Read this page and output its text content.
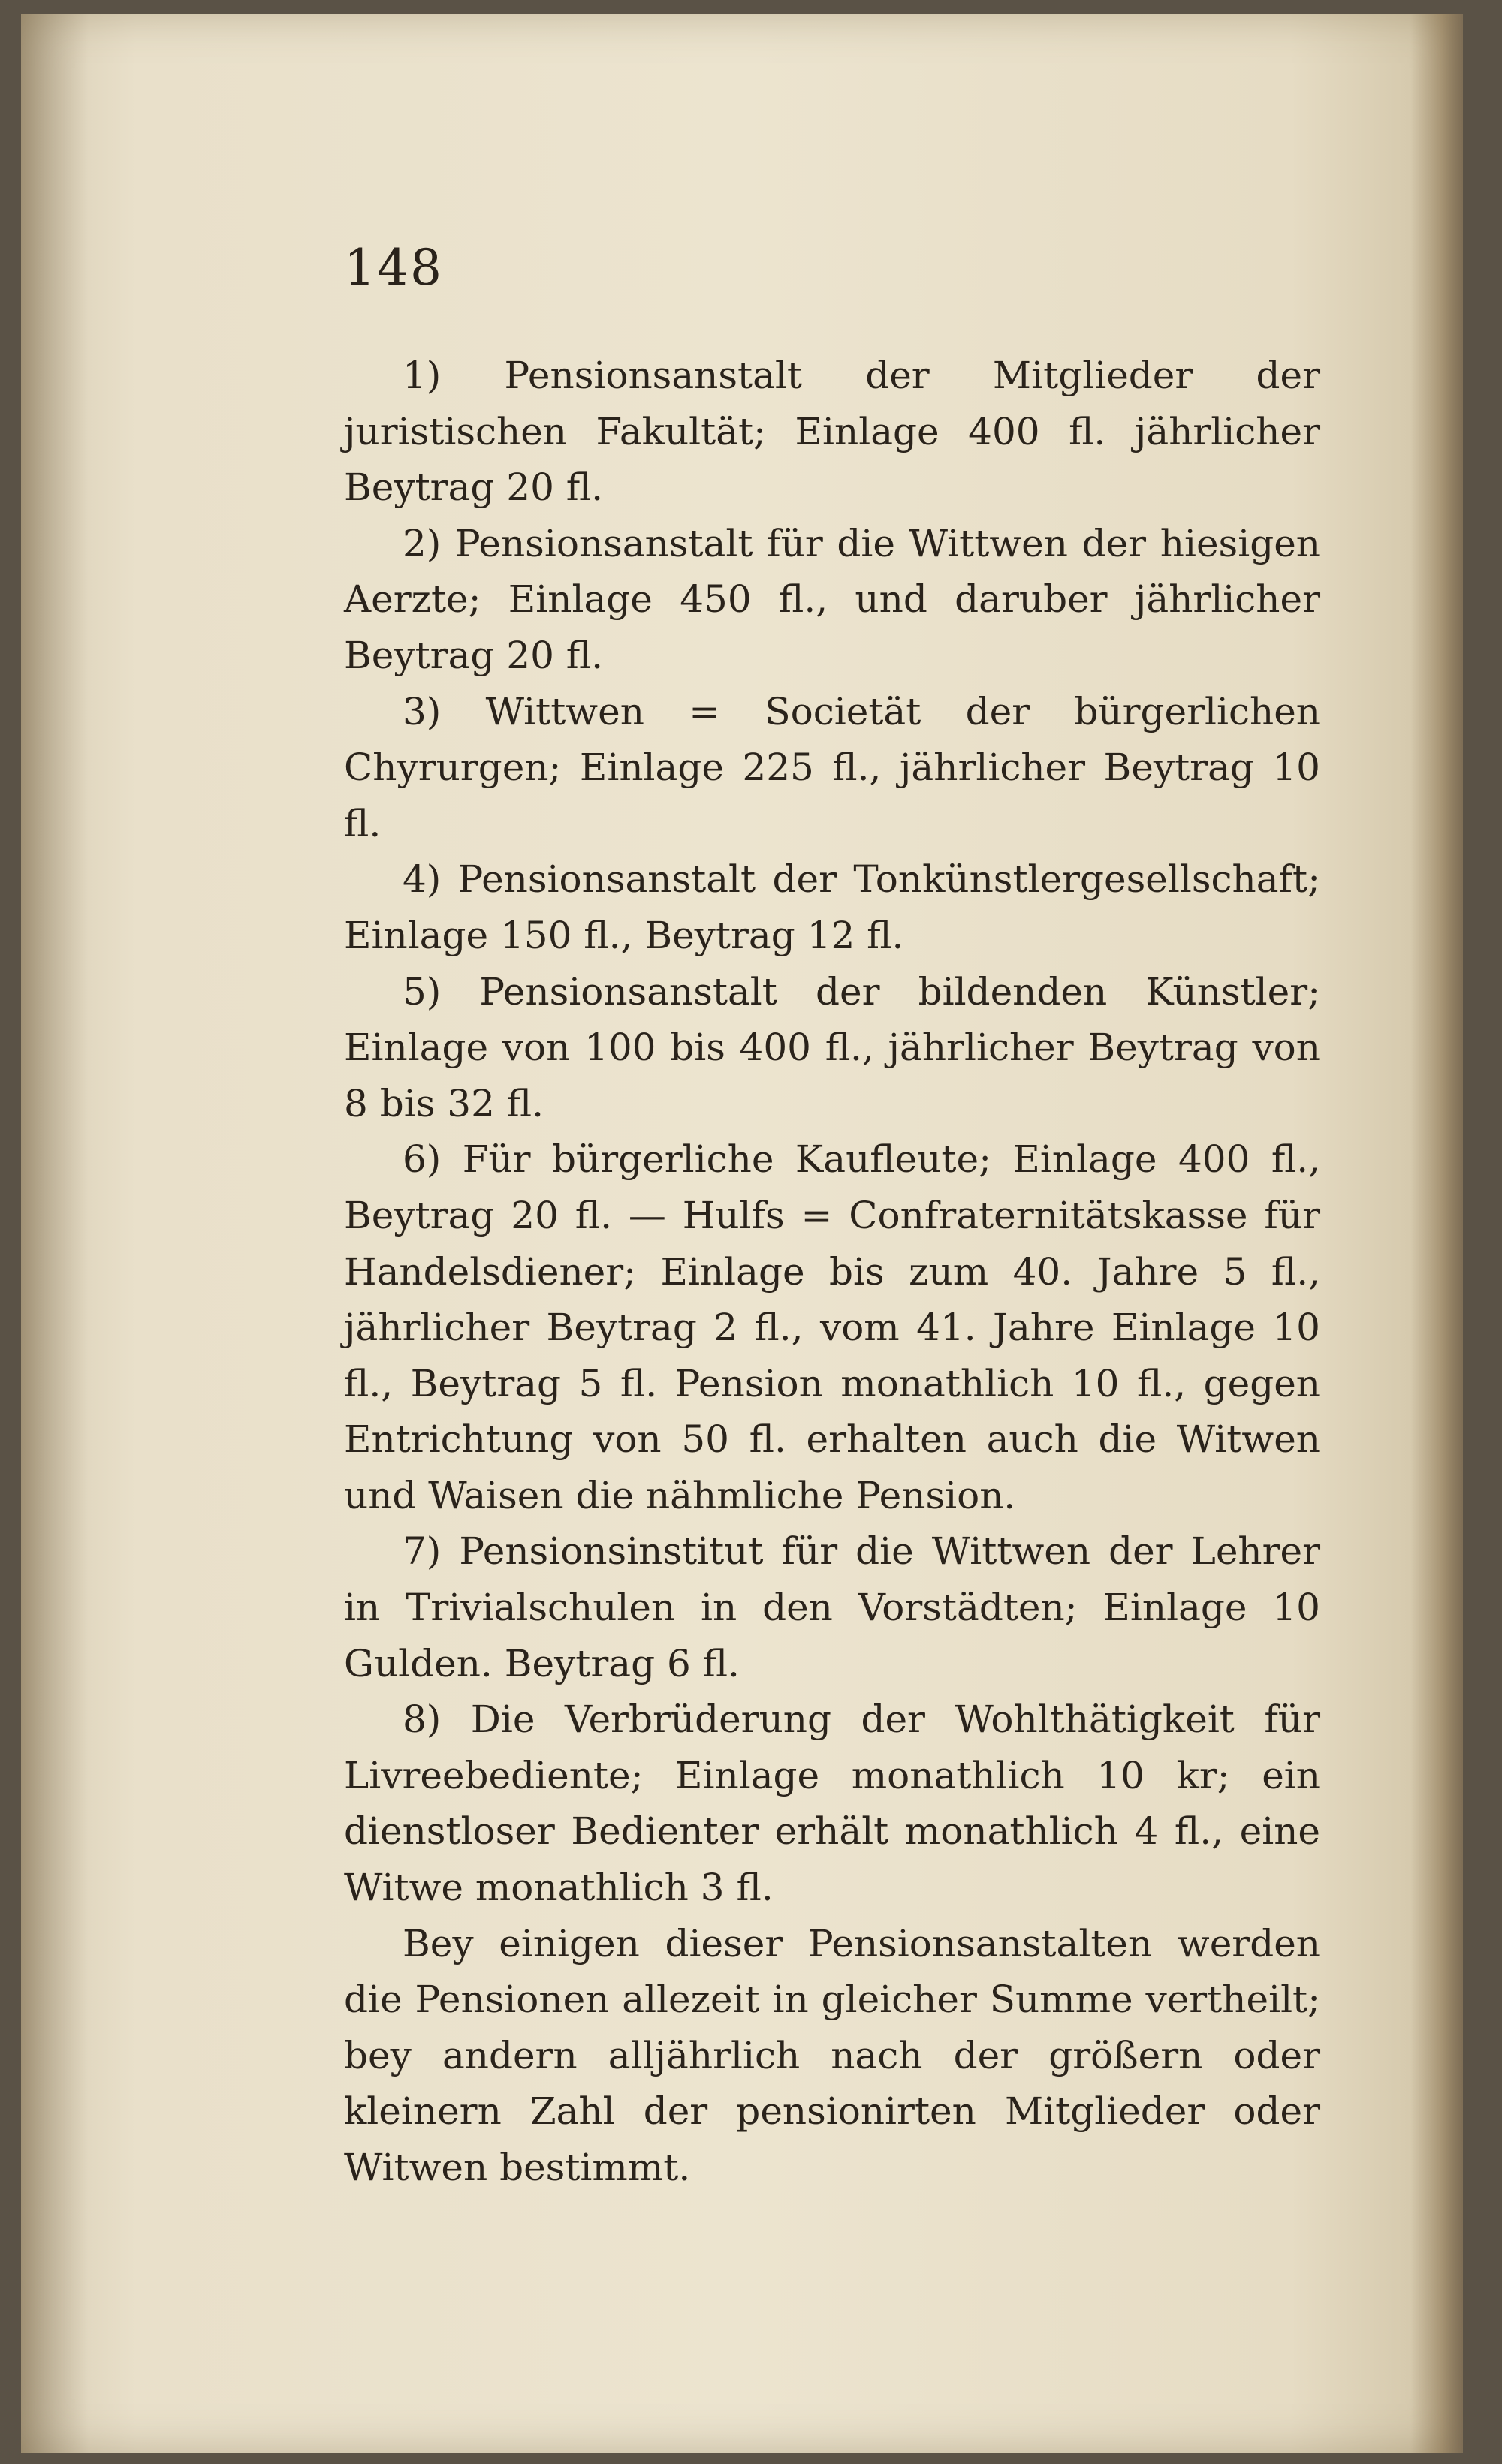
148

1) Pensionsanstalt der Mitglieder der juristischen Fakultät; Einlage 400 fl. jährlicher Beytrag 20 fl.

2) Pensionsanstalt für die Wittwen der hiesigen Aerzte; Einlage 450 fl., und daruber jährlicher Beytrag 20 fl.

3) Wittwen = Societät der bürgerlichen Chyrurgen; Einlage 225 fl., jährlicher Beytrag 10 fl.

4) Pensionsanstalt der Tonkünstlergesellschaft; Einlage 150 fl., Beytrag 12 fl.

5) Pensionsanstalt der bildenden Künstler; Einlage von 100 bis 400 fl., jährlicher Beytrag von 8 bis 32 fl.

6) Für bürgerliche Kaufleute; Einlage 400 fl., Beytrag 20 fl. — Hulfs = Confraternitätskasse für Handelsdiener; Einlage bis zum 40. Jahre 5 fl., jährlicher Beytrag 2 fl., vom 41. Jahre Einlage 10 fl., Beytrag 5 fl. Pension monathlich 10 fl., gegen Entrichtung von 50 fl. erhalten auch die Witwen und Waisen die nähmliche Pension.

7) Pensionsinstitut für die Wittwen der Lehrer in Trivialschulen in den Vorstädten; Einlage 10 Gulden. Beytrag 6 fl.

8) Die Verbrüderung der Wohlthätigkeit für Livreebediente; Einlage monathlich 10 kr; ein dienstloser Bedienter erhält monathlich 4 fl., eine Witwe monathlich 3 fl.

Bey einigen dieser Pensionsanstalten werden die Pensionen allezeit in gleicher Summe vertheilt; bey andern alljährlich nach der größern oder kleinern Zahl der pensionirten Mitglieder oder Witwen bestimmt.
